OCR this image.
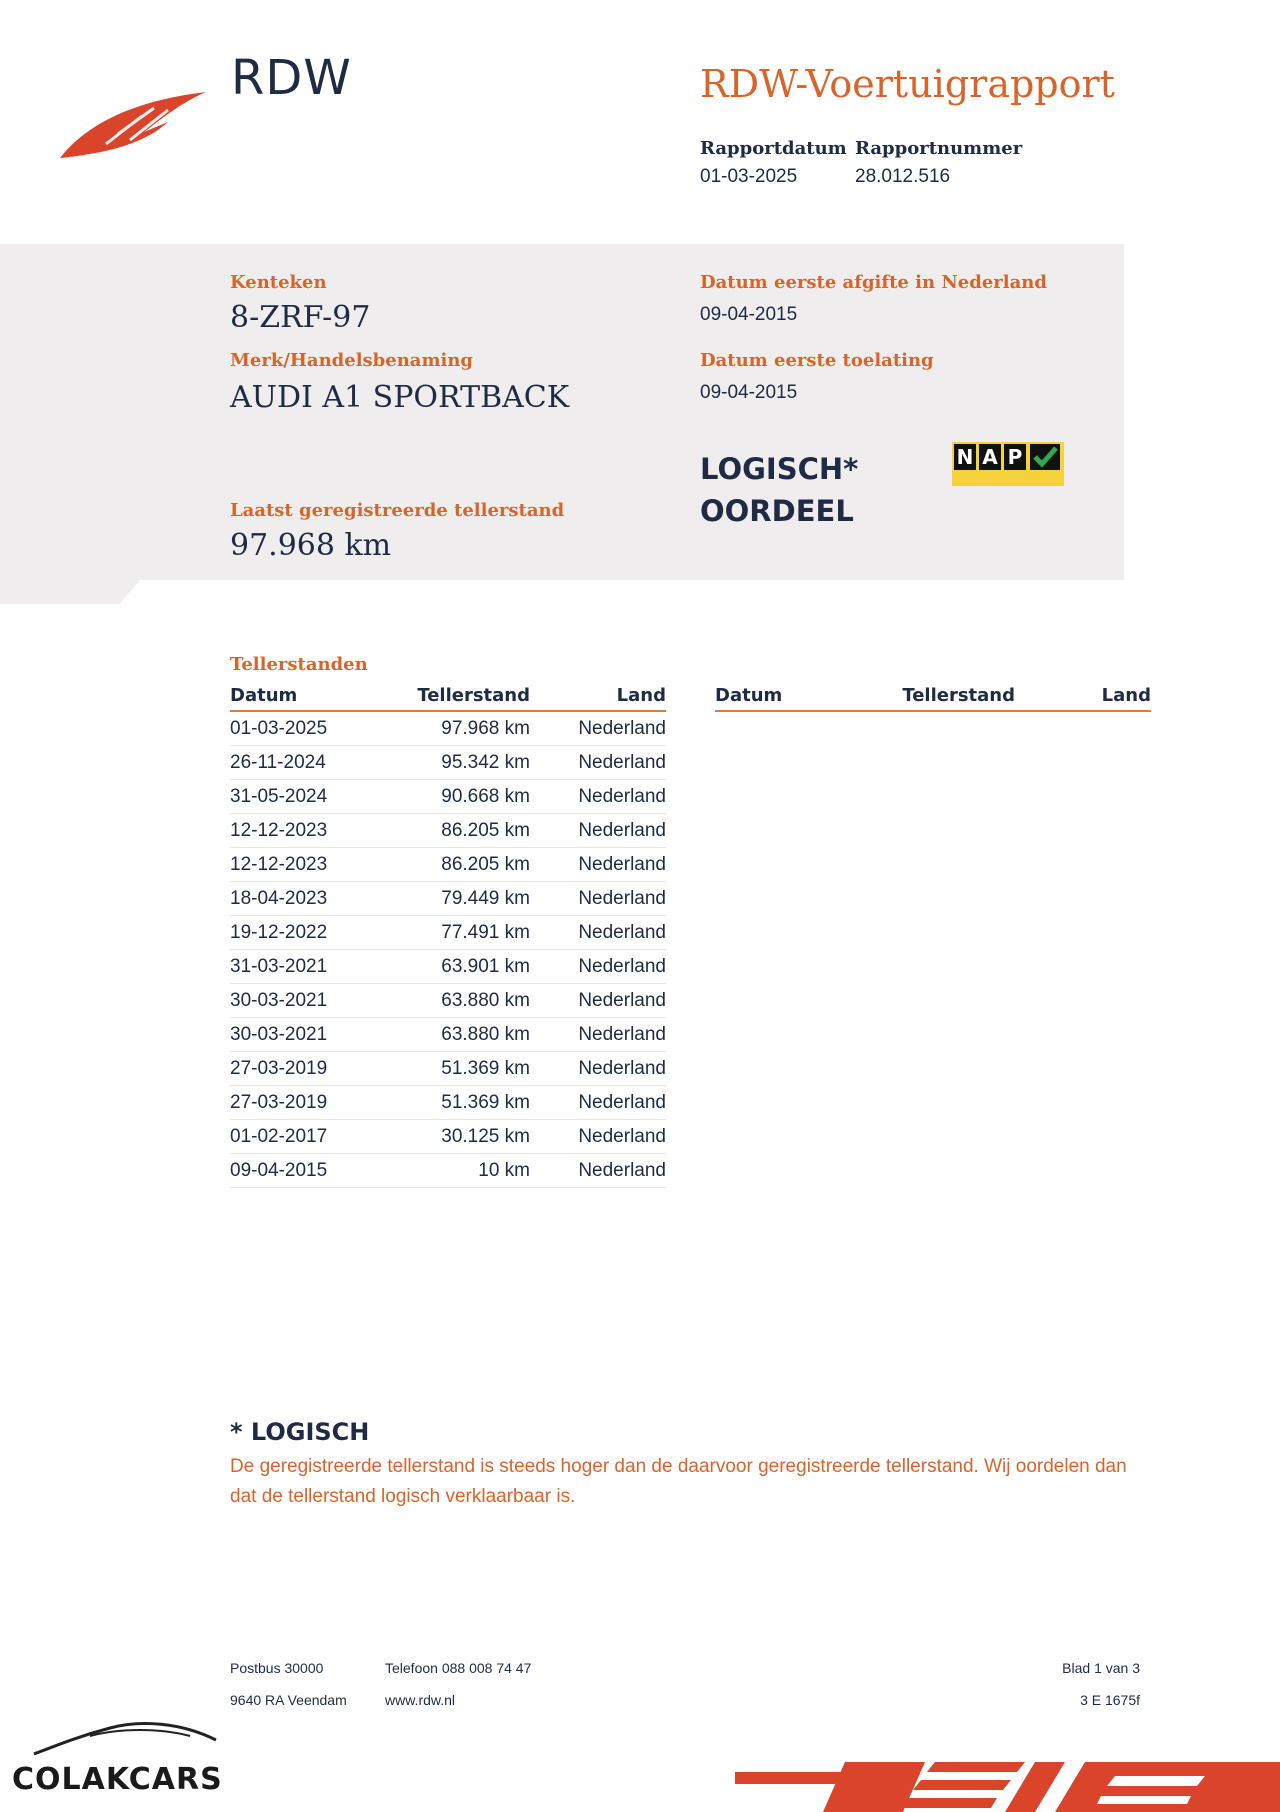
RDW	RDW-Voertuigrapport
Rapportdatum
01-03-2025
Rapportnummer
28.012.516
Kenteken
8-ZRF-97
Merk/Handelsbenaming
AUDI A1 SPORTBACK
Laatst geregistreerde tellerstand
97.968 km
Datum eerste afgifte in Nederland
09-04-2015
Datum eerste toelating
09-04-2015
LOGISCH*
OORDEEL
N A P
Tellerstanden
Datum	Tellerstand	Land
01-03-2025	97.968 km	Nederland
26-11-2024	95.342 km	Nederland
31-05-2024	90.668 km	Nederland
12-12-2023	86.205 km	Nederland
12-12-2023	86.205 km	Nederland
18-04-2023	79.449 km	Nederland
19-12-2022	77.491 km	Nederland
31-03-2021	63.901 km	Nederland
30-03-2021	63.880 km	Nederland
30-03-2021	63.880 km	Nederland
27-03-2019	51.369 km	Nederland
27-03-2019	51.369 km	Nederland
01-02-2017	30.125 km	Nederland
09-04-2015	10 km	Nederland
Datum	Tellerstand	Land
* LOGISCH
De geregistreerde tellerstand is steeds hoger dan de daarvoor geregistreerde tellerstand. Wij oordelen dan dat de tellerstand logisch verklaarbaar is.
Postbus 30000
9640 RA Veendam
Telefoon 088 008 74 47
www.rdw.nl
Blad 1 van 3
3 E 1675f
COLAKCARS
